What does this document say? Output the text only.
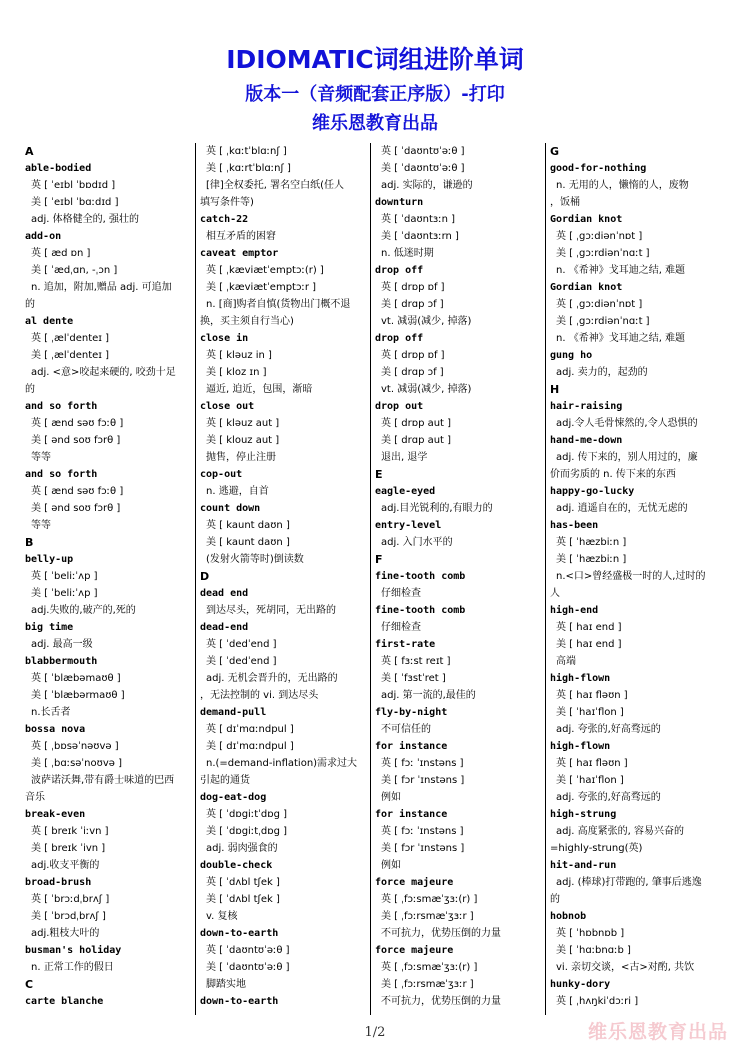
IDIOMATIC词组进阶单词
版本一（音频配套正序版）-打印
维乐恩教育出品
A
able-bodied
英 [ ˈeɪbl ˈbɒdɪd ]
美 [ ˈeɪbl ˈbɑːdɪd ]
adj. 体格健全的, 强壮的
add-on
英 [ æd ɒn ]
美 [ ˈædˌɑn, -ˌɔn ]
n. 追加，附加,赠品 adj. 可追加
的
al dente
英 [ ˌælˈdenteɪ ]
美 [ ˌælˈdenteɪ ]
adj. <意>咬起来硬的, 咬劲十足
的
and so forth
英 [ ænd səʊ fɔːθ ]
美 [ ənd soʊ fɔrθ ]
等等
and so forth
英 [ ænd səʊ fɔːθ ]
美 [ ənd soʊ fɔrθ ]
等等
B
belly-up
英 [ ˈbeliːˈʌp ]
美 [ ˈbeliːˈʌp ]
adj.失败的,破产的,死的
big time
adj. 最高一级
blabbermouth
英 [ ˈblæbəmaʊθ ]
美 [ ˈblæbərmaʊθ ]
n.长舌者
bossa nova
英 [ ˌbɒsəˈnəʊvə ]
美 [ ˌbɑːsəˈnoʊvə ]
波萨诺沃舞,带有爵士味道的巴西
音乐
break-even
英 [ breɪk ˈiːvn ]
美 [ breɪk ˈivn ]
adj.收支平衡的
broad-brush
英 [ ˈbrɔːdˌbrʌʃ ]
美 [ ˈbrɔdˌbrʌʃ ]
adj.粗枝大叶的
busman's holiday
n. 正常工作的假日
C
carte blanche
英 [ ˌkɑːtˈblɑːnʃ ]
美 [ ˌkɑːrtˈblɑːnʃ ]
[律]全权委托, 署名空白纸(任人
填写条件等)
catch-22
相互矛盾的困窘
caveat emptor
英 [ ˌkæviætˈemptɔː(r) ]
美 [ ˌkæviætˈemptɔːr ]
n. [商]购者自慎(货物出门概不退
换，买主须自行当心)
close in
英 [ kləuz in ]
美 [ kloz ɪn ]
逼近, 迫近，包围，渐暗
close out
英 [ kləuz aut ]
美 [ klouz aut ]
抛售，停止注册
cop-out
n. 逃避，自首
count down
英 [ kaunt daʊn ]
美 [ kaunt daʊn ]
(发射火箭等时)倒读数
D
dead end
到达尽头，死胡同，无出路的
dead-end
英 [ ˈdedˈend ]
美 [ ˈdedˈend ]
adj. 无机会晋升的，无出路的
，无法控制的 vi. 到达尽头
demand-pull
英 [ dɪˈmɑːndpul ]
美 [ dɪˈmɑːndpul ]
n.(=demand-inflation)需求过大
引起的通货
dog-eat-dog
英 [ ˈdɒgiːtˈdɒg ]
美 [ ˈdɒgiːtˌdɒg ]
adj. 弱肉强食的
double-check
英 [ ˈdʌbl tʃek ]
美 [ ˈdʌbl tʃek ]
v. 复核
down-to-earth
英 [ ˈdaʊntʊˈəːθ ]
美 [ ˈdaʊntʊˈəːθ ]
脚踏实地
down-to-earth
英 [ ˈdaʊntʊˈəːθ ]
美 [ ˈdaʊntʊˈəːθ ]
adj. 实际的，谦逊的
downturn
英 [ ˈdaʊntɜːn ]
美 [ ˈdaʊntɜːrn ]
n. 低迷时期
drop off
英 [ drɒp ɒf ]
美 [ drɑp ɔf ]
vt. 减弱(减少, 掉落)
drop off
英 [ drɒp ɒf ]
美 [ drɑp ɔf ]
vt. 减弱(减少, 掉落)
drop out
英 [ drɒp aut ]
美 [ drɑp aut ]
退出, 退学
E
eagle-eyed
adj.目光锐利的,有眼力的
entry-level
adj. 入门水平的
F
fine-tooth comb
仔细检查
fine-tooth comb
仔细检查
first-rate
英 [ fɜːst reɪt ]
美 [ ˈfɜstˈret ]
adj. 第一流的,最佳的
fly-by-night
不可信任的
for instance
英 [ fɔː ˈɪnstəns ]
美 [ fɔr ˈɪnstəns ]
例如
for instance
英 [ fɔː ˈɪnstəns ]
美 [ fɔr ˈɪnstəns ]
例如
force majeure
英 [ ˌfɔːsmæˈʒɜː(r) ]
美 [ ˌfɔːrsmæˈʒɜːr ]
不可抗力，优势压倒的力量
force majeure
英 [ ˌfɔːsmæˈʒɜː(r) ]
美 [ ˌfɔːrsmæˈʒɜːr ]
不可抗力，优势压倒的力量
G
good-for-nothing
n. 无用的人，懒惰的人，废物
，饭桶
Gordian knot
英 [ ˌgɔːdiənˈnɒt ]
美 [ ˌgɔːrdiənˈnɑːt ]
n. 《希神》戈耳迪之结, 难题
Gordian knot
英 [ ˌgɔːdiənˈnɒt ]
美 [ ˌgɔːrdiənˈnɑːt ]
n. 《希神》戈耳迪之结, 难题
gung ho
adj. 卖力的，起劲的
H
hair-raising
adj.令人毛骨悚然的,令人恐惧的
hand-me-down
adj. 传下来的，别人用过的，廉
价而劣质的 n. 传下来的东西
happy-go-lucky
adj. 逍遥自在的，无忧无虑的
has-been
英 [ ˈhæzbiːn ]
美 [ ˈhæzbiːn ]
n.<口>曾经盛极一时的人,过时的
人
high-end
英 [ haɪ end ]
美 [ haɪ end ]
高端
high-flown
英 [ haɪ fləʊn ]
美 [ ˈhaɪˈflon ]
adj. 夸张的,好高骛远的
high-flown
英 [ haɪ fləʊn ]
美 [ ˈhaɪˈflon ]
adj. 夸张的,好高骛远的
high-strung
adj. 高度紧张的, 容易兴奋的
=highly-strung(英)
hit-and-run
adj. (棒球)打带跑的, 肇事后逃逸
的
hobnob
英 [ ˈhɒbnɒb ]
美 [ ˈhɑːbnɑːb ]
vi. 亲切交谈，<古>对酌, 共饮
hunky-dory
英 [ ˌhʌŋkiˈdɔːri ]
1/2	维乐恩教育出品
